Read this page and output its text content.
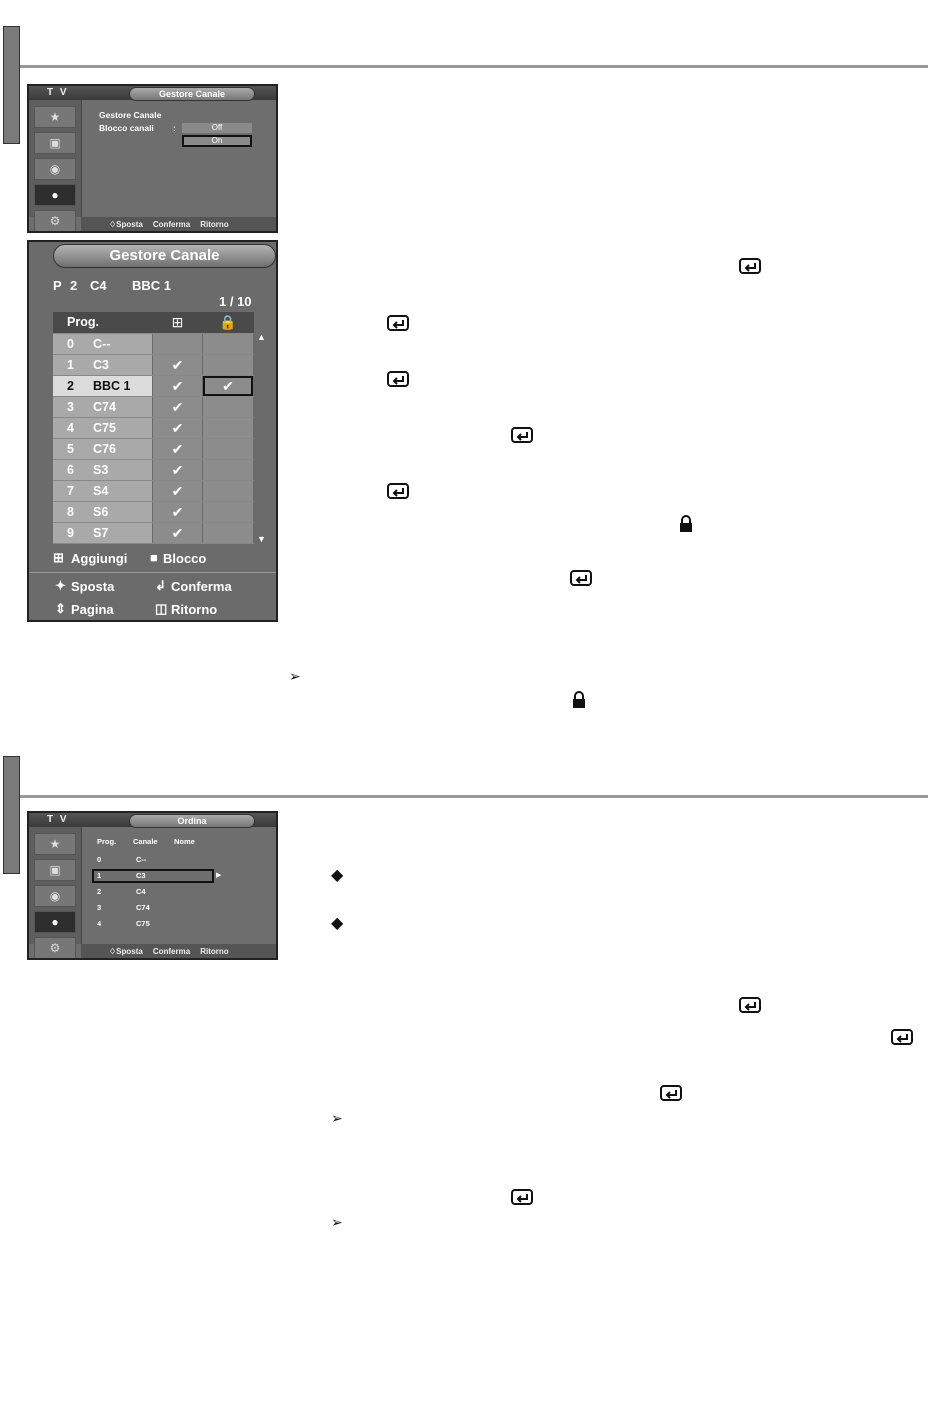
T V	Gestore Canale
★
▣
◉
●
⚙
Gestore Canale
Blocco canali :	Off
On
♢Sposta Conferma Ritorno
Gestore Canale
P 2 C4 BBC 1
1 / 10
Prog.	⊞	🔒
0 C--
1 C3	✔
2 BBC 1	✔	✔
3 C74	✔
4 C75	✔
5 C76	✔
6 S3	✔
7 S4	✔
8 S6	✔
9 S7	✔
▲
▼
⊞ Aggiungi ■ Blocco
✦ Sposta	↲ Conferma
⇕ Pagina	◫ Ritorno
➢
T V	Ordina
★
▣
◉
●
⚙
Prog. Canale Nome
0	C--
1	C3
2	C4
3	C74
4	C75
▶
♢Sposta Conferma Ritorno
◆
◆
➢
➢
